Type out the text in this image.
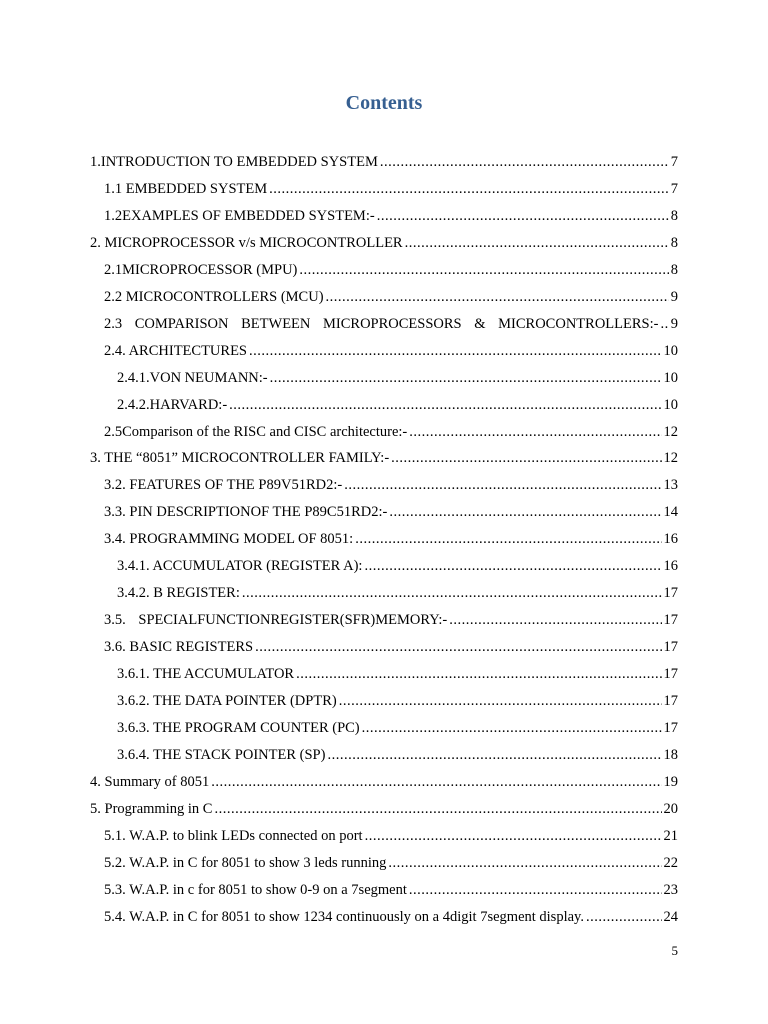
Contents
1.INTRODUCTION TO EMBEDDED SYSTEM .....	7
1.1 EMBEDDED SYSTEM .....	7
1.2EXAMPLES OF EMBEDDED SYSTEM:- .....	8
2. MICROPROCESSOR v/s MICROCONTROLLER .....	8
2.1MICROPROCESSOR (MPU) .....	8
2.2 MICROCONTROLLERS (MCU) .....	9
2.3 COMPARISON BETWEEN MICROPROCESSORS & MICROCONTROLLERS:- ..... 9
2.4. ARCHITECTURES .....	10
2.4.1.VON NEUMANN:- .....	10
2.4.2.HARVARD:- .....	10
2.5Comparison of the RISC and CISC architecture:- .....	12
3. THE “8051” MICROCONTROLLER FAMILY:- .....	12
3.2. FEATURES OF THE P89V51RD2:- .....	13
3.3. PIN DESCRIPTIONOF THE P89C51RD2:- .....	14
3.4. PROGRAMMING MODEL OF 8051: .....	16
3.4.1. ACCUMULATOR (REGISTER A): .....	16
3.4.2. B REGISTER: .....	17
3.5. SPECIALFUNCTIONREGISTER(SFR)MEMORY:- .....	17
3.6. BASIC REGISTERS .....	17
3.6.1. THE ACCUMULATOR .....	17
3.6.2. THE DATA POINTER (DPTR) .....	17
3.6.3. THE PROGRAM COUNTER (PC) .....	17
3.6.4. THE STACK POINTER (SP) .....	18
4. Summary of 8051 .....	19
5. Programming in C .....	20
5.1. W.A.P. to blink LEDs connected on port .....	21
5.2. W.A.P. in C for 8051 to show 3 leds running .....	22
5.3. W.A.P. in c for 8051 to show 0-9 on a 7segment .....	23
5.4. W.A.P. in C for 8051 to show 1234 continuously on a 4digit 7segment display. .....	24
5
